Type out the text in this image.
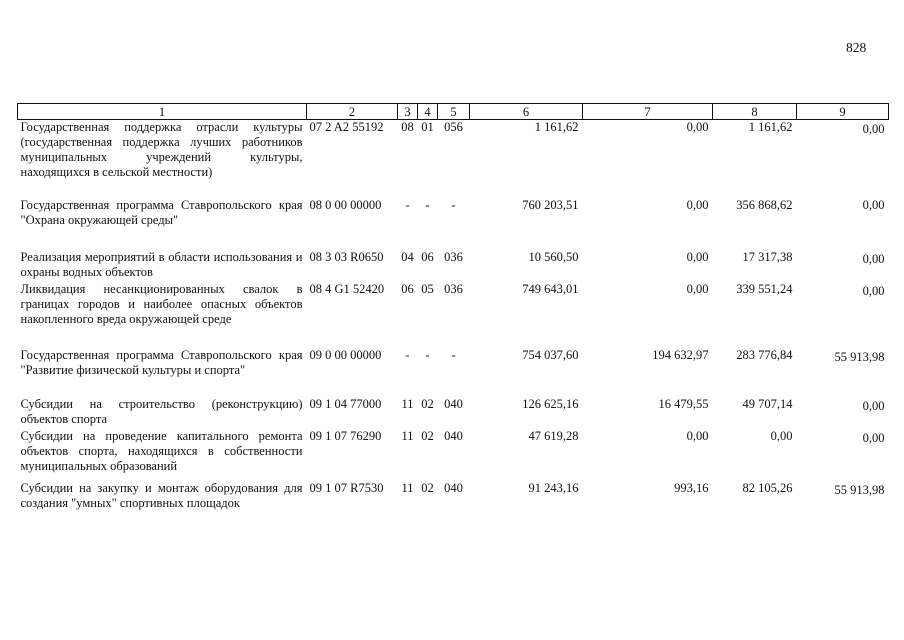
828
1	2	3	4	5	6	7	8	9
Государственная поддержка отрасли культуры (государственная поддержка лучших работников муниципальных учреждений культуры, находящихся в сельской местности)	07 2 A2 55192	08	01	056	1 161,62	0,00	1 161,62	0,00
Государственная программа Ставропольского края "Охрана окружающей среды"	08 0 00 00000	-	-	-	760 203,51	0,00	356 868,62	0,00
Реализация мероприятий в области использования и охраны водных объектов	08 3 03 R0650	04	06	036	10 560,50	0,00	17 317,38	0,00
Ликвидация несанкционированных свалок в границах городов и наиболее опасных объектов накопленного вреда окружающей среде	08 4 G1 52420	06	05	036	749 643,01	0,00	339 551,24	0,00
Государственная программа Ставропольского края "Развитие физической культуры и спорта"	09 0 00 00000	-	-	-	754 037,60	194 632,97	283 776,84	55 913,98
Субсидии на строительство (реконструкцию) объектов спорта	09 1 04 77000	11	02	040	126 625,16	16 479,55	49 707,14	0,00
Субсидии на проведение капитального ремонта объектов спорта, находящихся в собственности муниципальных образований	09 1 07 76290	11	02	040	47 619,28	0,00	0,00	0,00
Субсидии на закупку и монтаж оборудования для создания "умных" спортивных площадок	09 1 07 R7530	11	02	040	91 243,16	993,16	82 105,26	55 913,98
